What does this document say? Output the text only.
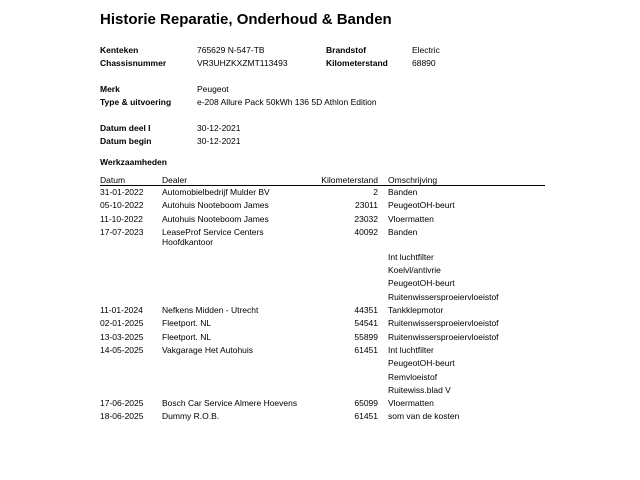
Historie Reparatie, Onderhoud & Banden
Kenteken	765629 N-547-TB	Brandstof	Electric
Chassisnummer	VR3UHZKXZMT113493	Kilometerstand	68890
Merk	Peugeot
Type & uitvoering	e-208 Allure Pack 50kWh 136 5D Athlon Edition
Datum deel I	30-12-2021
Datum begin	30-12-2021
Werkzaamheden
Datum	Dealer	Kilometerstand Omschrijving
31-01-2022 Automobielbedrijf Mulder BV	2 Banden
05-10-2022 Autohuis Nooteboom James	23011 PeugeotOH-beurt
11-10-2022 Autohuis Nooteboom James	23032 Vloermatten
17-07-2023 LeaseProf Service Centers	40092 Banden
Hoofdkantoor
Int luchtfilter
Koelvl/antivrie
PeugeotOH-beurt
Ruitenwissersproeiervloeistof
11-01-2024 Nefkens Midden - Utrecht	44351 Tankklepmotor
02-01-2025 Fleetport. NL	54541 Ruitenwissersproeiervloeistof
13-03-2025 Fleetport. NL	55899 Ruitenwissersproeiervloeistof
14-05-2025 Vakgarage Het Autohuis	61451 Int luchtfilter
PeugeotOH-beurt
Remvloeistof
Ruitewiss.blad V
17-06-2025 Bosch Car Service Almere Hoevens	65099 Vloermatten
18-06-2025 Dummy R.O.B.	61451 som van de kosten
